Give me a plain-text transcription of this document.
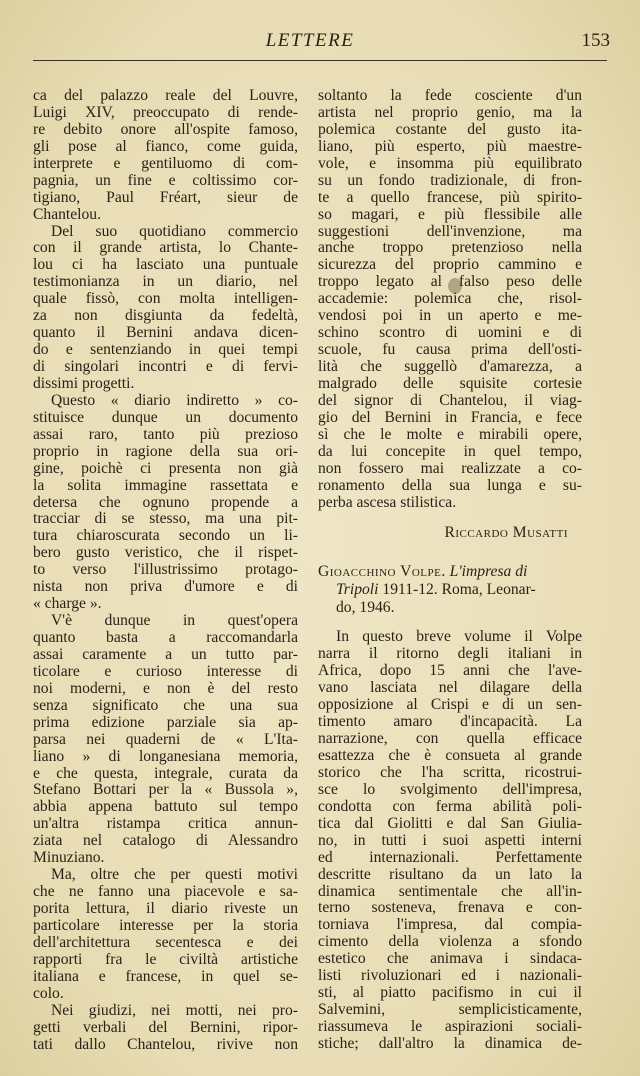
LETTERE	153
ca del palazzo reale del Louvre,
Luigi XIV, preoccupato di rende-
re debito onore all'ospite famoso,
gli pose al fianco, come guida,
interprete e gentiluomo di com-
pagnia, un fine e coltissimo cor-
tigiano, Paul Fréart, sieur de
Chantelou.
Del suo quotidiano commercio
con il grande artista, lo Chante-
lou ci ha lasciato una puntuale
testimonianza in un diario, nel
quale fissò, con molta intelligen-
za non disgiunta da fedeltà,
quanto il Bernini andava dicen-
do e sentenziando in quei tempi
di singolari incontri e di fervi-
dissimi progetti.
Questo « diario indiretto » co-
stituisce dunque un documento
assai raro, tanto più prezioso
proprio in ragione della sua ori-
gine, poichè ci presenta non già
la solita immagine rassettata e
detersa che ognuno propende a
tracciar di se stesso, ma una pit-
tura chiaroscurata secondo un li-
bero gusto veristico, che il rispet-
to verso l'illustrissimo protago-
nista non priva d'umore e di
« charge ».
V'è dunque in quest'opera
quanto basta a raccomandarla
assai caramente a un tutto par-
ticolare e curioso interesse di
noi moderni, e non è del resto
senza significato che una sua
prima edizione parziale sia ap-
parsa nei quaderni de « L'Ita-
liano » di longanesiana memoria,
e che questa, integrale, curata da
Stefano Bottari per la « Bussola »,
abbia appena battuto sul tempo
un'altra ristampa critica annun-
ziata nel catalogo di Alessandro
Minuziano.
Ma, oltre che per questi motivi
che ne fanno una piacevole e sa-
porita lettura, il diario riveste un
particolare interesse per la storia
dell'architettura secentesca e dei
rapporti fra le civiltà artistiche
italiana e francese, in quel se-
colo.
Nei giudizi, nei motti, nei pro-
getti verbali del Bernini, ripor-
tati dallo Chantelou, rivive non
soltanto la fede cosciente d'un
artista nel proprio genio, ma la
polemica costante del gusto ita-
liano, più esperto, più maestre-
vole, e insomma più equilibrato
su un fondo tradizionale, di fron-
te a quello francese, più spirito-
so magari, e più flessibile alle
suggestioni dell'invenzione, ma
anche troppo pretenzioso nella
sicurezza del proprio cammino e
troppo legato al falso peso delle
accademie: polemica che, risol-
vendosi poi in un aperto e me-
schino scontro di uomini e di
scuole, fu causa prima dell'osti-
lità che suggellò d'amarezza, a
malgrado delle squisite cortesie
del signor di Chantelou, il viag-
gio del Bernini in Francia, e fece
sì che le molte e mirabili opere,
da lui concepite in quel tempo,
non fossero mai realizzate a co-
ronamento della sua lunga e su-
perba ascesa stilistica.
Riccardo Musatti
Gioacchino Volpe. L'impresa di
Tripoli 1911-12. Roma, Leonar-
do, 1946.
In questo breve volume il Volpe
narra il ritorno degli italiani in
Africa, dopo 15 anni che l'ave-
vano lasciata nel dilagare della
opposizione al Crispi e di un sen-
timento amaro d'incapacità. La
narrazione, con quella efficace
esattezza che è consueta al grande
storico che l'ha scritta, ricostrui-
sce lo svolgimento dell'impresa,
condotta con ferma abilità poli-
tica dal Giolitti e dal San Giulia-
no, in tutti i suoi aspetti interni
ed internazionali. Perfettamente
descritte risultano da un lato la
dinamica sentimentale che all'in-
terno sosteneva, frenava e con-
torniava l'impresa, dal compia-
cimento della violenza a sfondo
estetico che animava i sindaca-
listi rivoluzionari ed i nazionali-
sti, al piatto pacifismo in cui il
Salvemini, semplicisticamente,
riassumeva le aspirazioni sociali-
stiche; dall'altro la dinamica de-
